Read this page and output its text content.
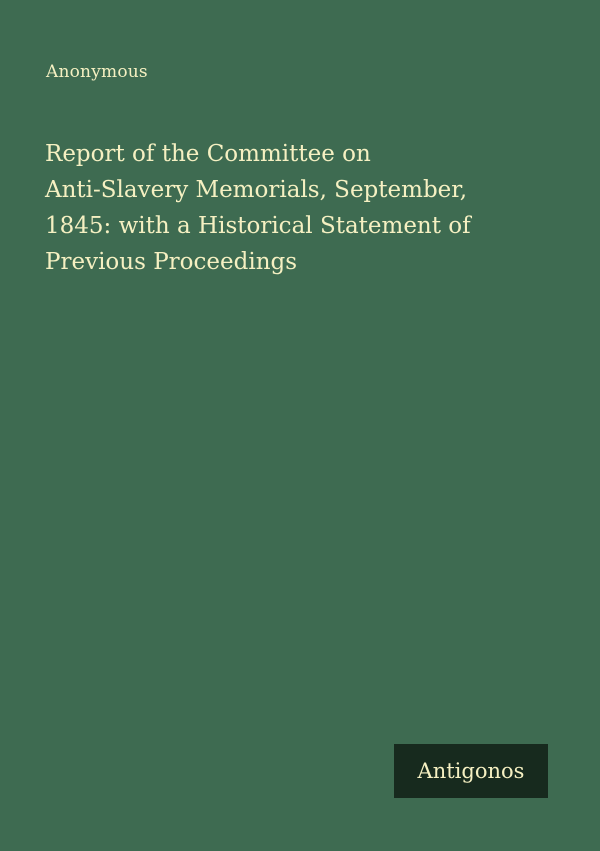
Anonymous
Report of the Committee on
Anti-Slavery Memorials, September,
1845: with a Historical Statement of
Previous Proceedings
Antigonos
